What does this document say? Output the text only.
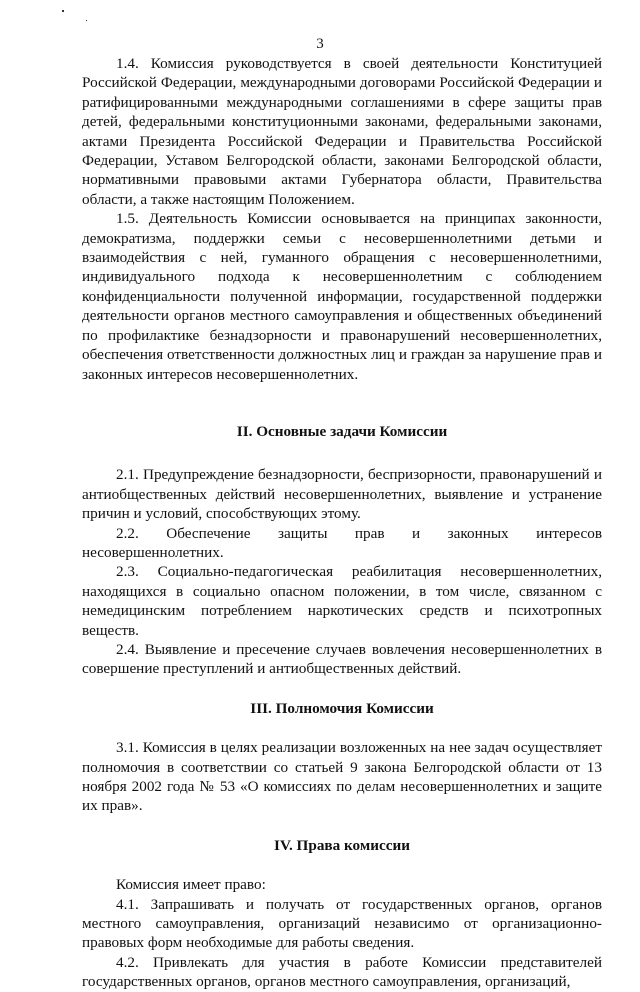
3

1.4. Комиссия руководствуется в своей деятельности Конституцией Российской Федерации, международными договорами Российской Федерации и ратифицированными международными соглашениями в сфере защиты прав детей, федеральными конституционными законами, федеральными законами, актами Президента Российской Федерации и Правительства Российской Федерации, Уставом Белгородской области, законами Белгородской области, нормативными правовыми актами Губернатора области, Правительства области, а также настоящим Положением.

1.5. Деятельность Комиссии основывается на принципах законности, демократизма, поддержки семьи с несовершеннолетними детьми и взаимодействия с ней, гуманного обращения с несовершеннолетними, индивидуального подхода к несовершеннолетним с соблюдением конфиденциальности полученной информации, государственной поддержки деятельности органов местного самоуправления и общественных объединений по профилактике безнадзорности и правонарушений несовершеннолетних, обеспечения ответственности должностных лиц и граждан за нарушение прав и законных интересов несовершеннолетних.

II. Основные задачи Комиссии

2.1. Предупреждение безнадзорности, беспризорности, правонарушений и антиобщественных действий несовершеннолетних, выявление и устранение причин и условий, способствующих этому.

2.2. Обеспечение защиты прав и законных интересов несовершеннолетних.

2.3. Социально-педагогическая реабилитация несовершеннолетних, находящихся в социально опасном положении, в том числе, связанном с немедицинским потреблением наркотических средств и психотропных веществ.

2.4. Выявление и пресечение случаев вовлечения несовершеннолетних в совершение преступлений и антиобщественных действий.

III. Полномочия Комиссии

3.1. Комиссия в целях реализации возложенных на нее задач осуществляет полномочия в соответствии со статьей 9 закона Белгородской области от 13 ноября 2002 года № 53 «О комиссиях по делам несовершеннолетних и защите их прав».

IV. Права комиссии

Комиссия имеет право:

4.1. Запрашивать и получать от государственных органов, органов местного самоуправления, организаций независимо от организационно-правовых форм необходимые для работы сведения.

4.2. Привлекать для участия в работе Комиссии представителей государственных органов, органов местного самоуправления, организаций,
